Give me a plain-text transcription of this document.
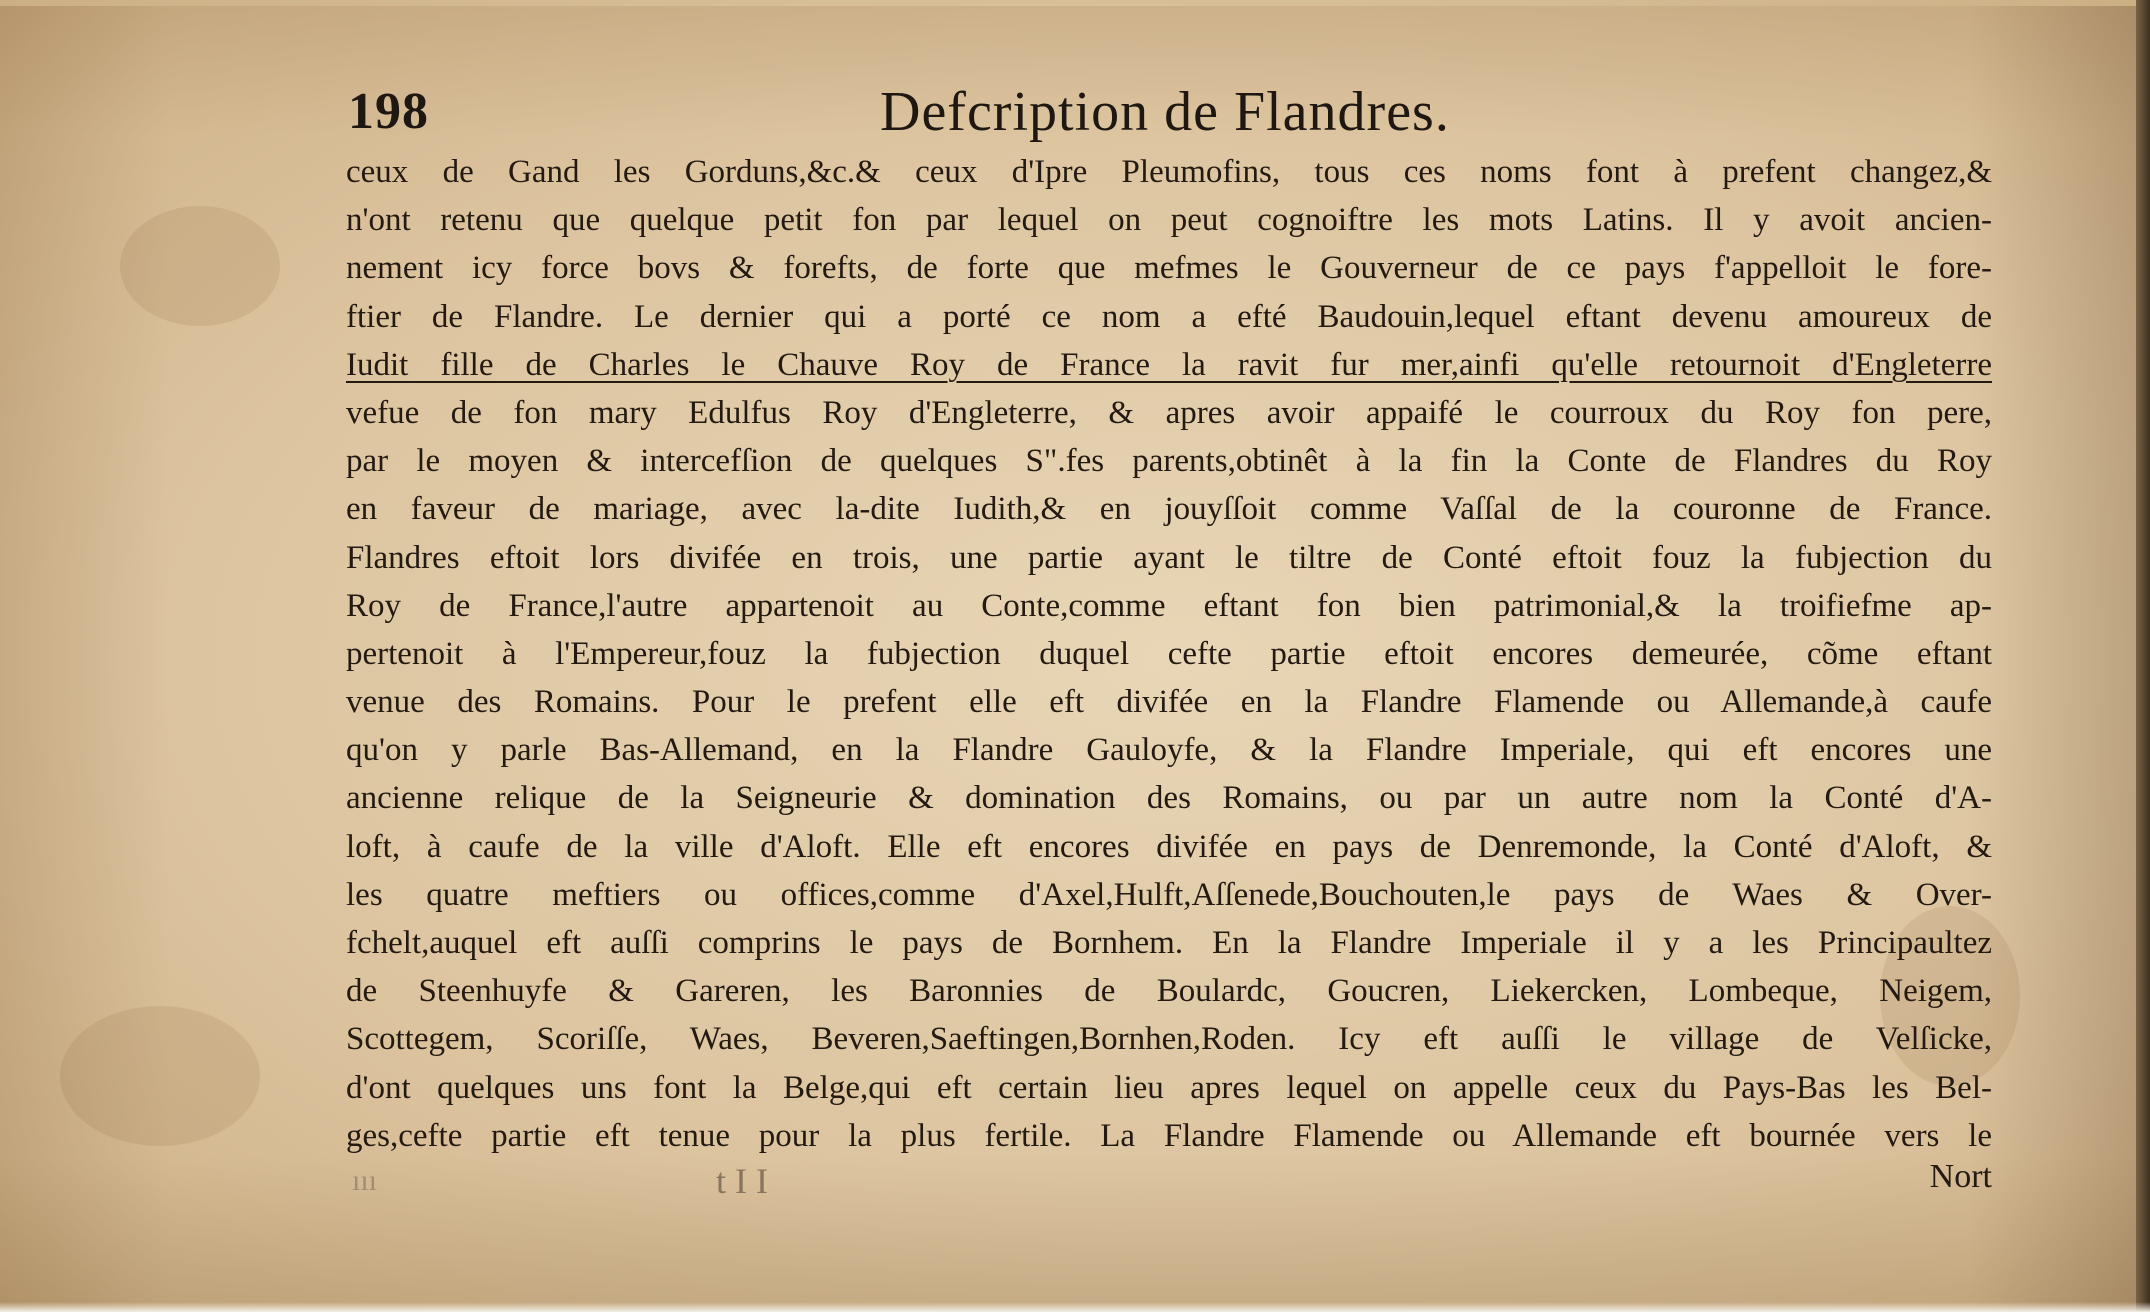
198	Defcription de Flandres.
ceux de Gand les Gorduns,&c.& ceux d'Ipre Pleumofins, tous ces noms font à prefent changez,&
n'ont retenu que quelque petit fon par lequel on peut cognoiftre les mots Latins. Il y avoit ancien-
nement icy force bovs & forefts, de forte que mefmes le Gouverneur de ce pays f'appelloit le fore-
ftier de Flandre. Le dernier qui a porté ce nom a efté Baudouin,lequel eftant devenu amoureux de
Iudit fille de Charles le Chauve Roy de France la ravit fur mer,ainfi qu'elle retournoit d'Engleterre
vefue de fon mary Edulfus Roy d'Engleterre, & apres avoir appaifé le courroux du Roy fon pere,
par le moyen & intercefſion de quelques S".fes parents,obtinêt à la fin la Conte de Flandres du Roy
en faveur de mariage, avec la-dite Iudith,& en jouyſſoit comme Vaſſal de la couronne de France.
Flandres eftoit lors divifée en trois, une partie ayant le tiltre de Conté eftoit fouz la fubjection du
Roy de France,l'autre appartenoit au Conte,comme eftant fon bien patrimonial,& la troifiefme ap-
pertenoit à l'Empereur,fouz la fubjection duquel cefte partie eftoit encores demeurée, cõme eftant
venue des Romains. Pour le prefent elle eft divifée en la Flandre Flamende ou Allemande,à caufe
qu'on y parle Bas-Allemand, en la Flandre Gauloyfe, & la Flandre Imperiale, qui eft encores une
ancienne relique de la Seigneurie & domination des Romains, ou par un autre nom la Conté d'A-
loft, à caufe de la ville d'Aloft. Elle eft encores divifée en pays de Denremonde, la Conté d'Aloft, &
les quatre meftiers ou offices,comme d'Axel,Hulft,Aſſenede,Bouchouten,le pays de Waes & Over-
fchelt,auquel eft auſſi comprins le pays de Bornhem. En la Flandre Imperiale il y a les Principaultez
de Steenhuyfe & Gareren, les Baronnies de Boulardc, Goucren, Liekercken, Lombeque, Neigem,
Scottegem, Scoriſſe, Waes, Beveren,Saeftingen,Bornhen,Roden. Icy eft auſſi le village de Velſicke,
d'ont quelques uns font la Belge,qui eft certain lieu apres lequel on appelle ceux du Pays-Bas les Bel-
ges,cefte partie eft tenue pour la plus fertile. La Flandre Flamende ou Allemande eft bournée vers le
ııı	t I I	Nort
